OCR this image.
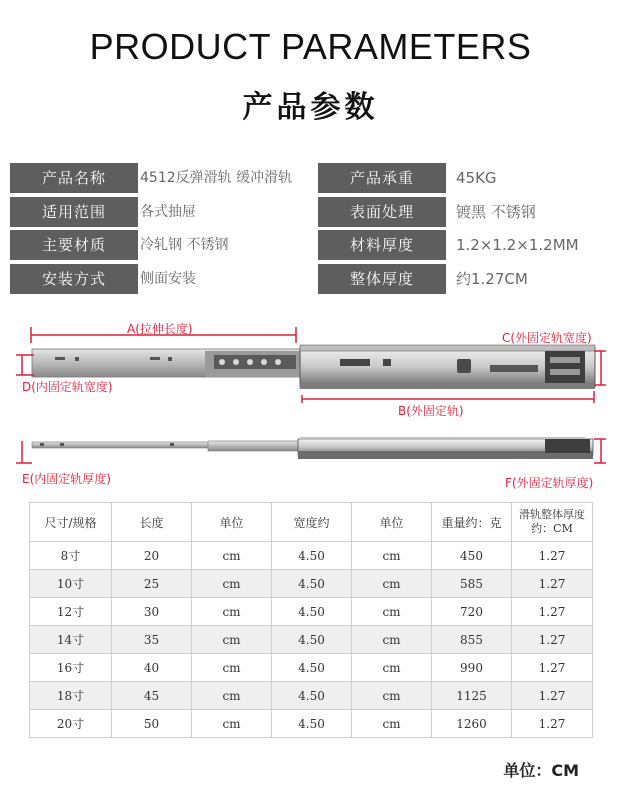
PRODUCT PARAMETERS
产品参数
产品名称	4512反弹滑轨 缓冲滑轨	产品承重	45KG
适用范围	各式抽屉	表面处理	镀黑 不锈钢
主要材质	冷轧钢 不锈钢	材料厚度	1.2×1.2×1.2MM
安装方式	侧面安装	整体厚度	约1.27CM
A(拉伸长度)
C(外固定轨宽度)
D(内固定轨宽度)
B(外固定轨)
E(内固定轨厚度)	F(外固定轨厚度)
尺寸/规格	长度	单位	宽度约	单位	重量约：克	滑轨整体厚度约：CM
8寸	20	cm	4.50	cm	450	1.27
10寸	25	cm	4.50	cm	585	1.27
12寸	30	cm	4.50	cm	720	1.27
14寸	35	cm	4.50	cm	855	1.27
16寸	40	cm	4.50	cm	990	1.27
18寸	45	cm	4.50	cm	1125	1.27
20寸	50	cm	4.50	cm	1260	1.27
单位：CM
